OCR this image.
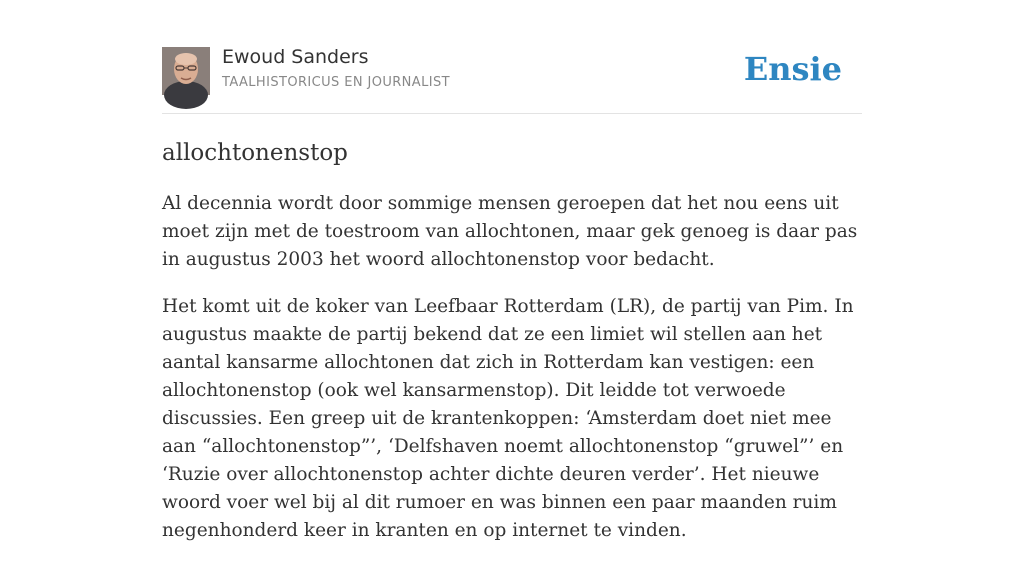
Ewoud Sanders
TAALHISTORICUS EN JOURNALIST	Ensie
allochtonenstop

Al decennia wordt door sommige mensen geroepen dat het nou eens uit moet zijn met de toestroom van allochtonen, maar gek genoeg is daar pas in augustus 2003 het woord allochtonenstop voor bedacht.

Het komt uit de koker van Leefbaar Rotterdam (LR), de partij van Pim. In augustus maakte de partij bekend dat ze een limiet wil stellen aan het aantal kansarme allochtonen dat zich in Rotterdam kan vestigen: een allochtonenstop (ook wel kansarmenstop). Dit leidde tot verwoede discussies. Een greep uit de krantenkoppen: ‘Amsterdam doet niet mee aan “allochtonenstop”’, ‘Delfshaven noemt allochtonenstop “gruwel”’ en ‘Ruzie over allochtonenstop achter dichte deuren verder’. Het nieuwe woord voer wel bij al dit rumoer en was binnen een paar maanden ruim negenhonderd keer in kranten en op internet te vinden.
